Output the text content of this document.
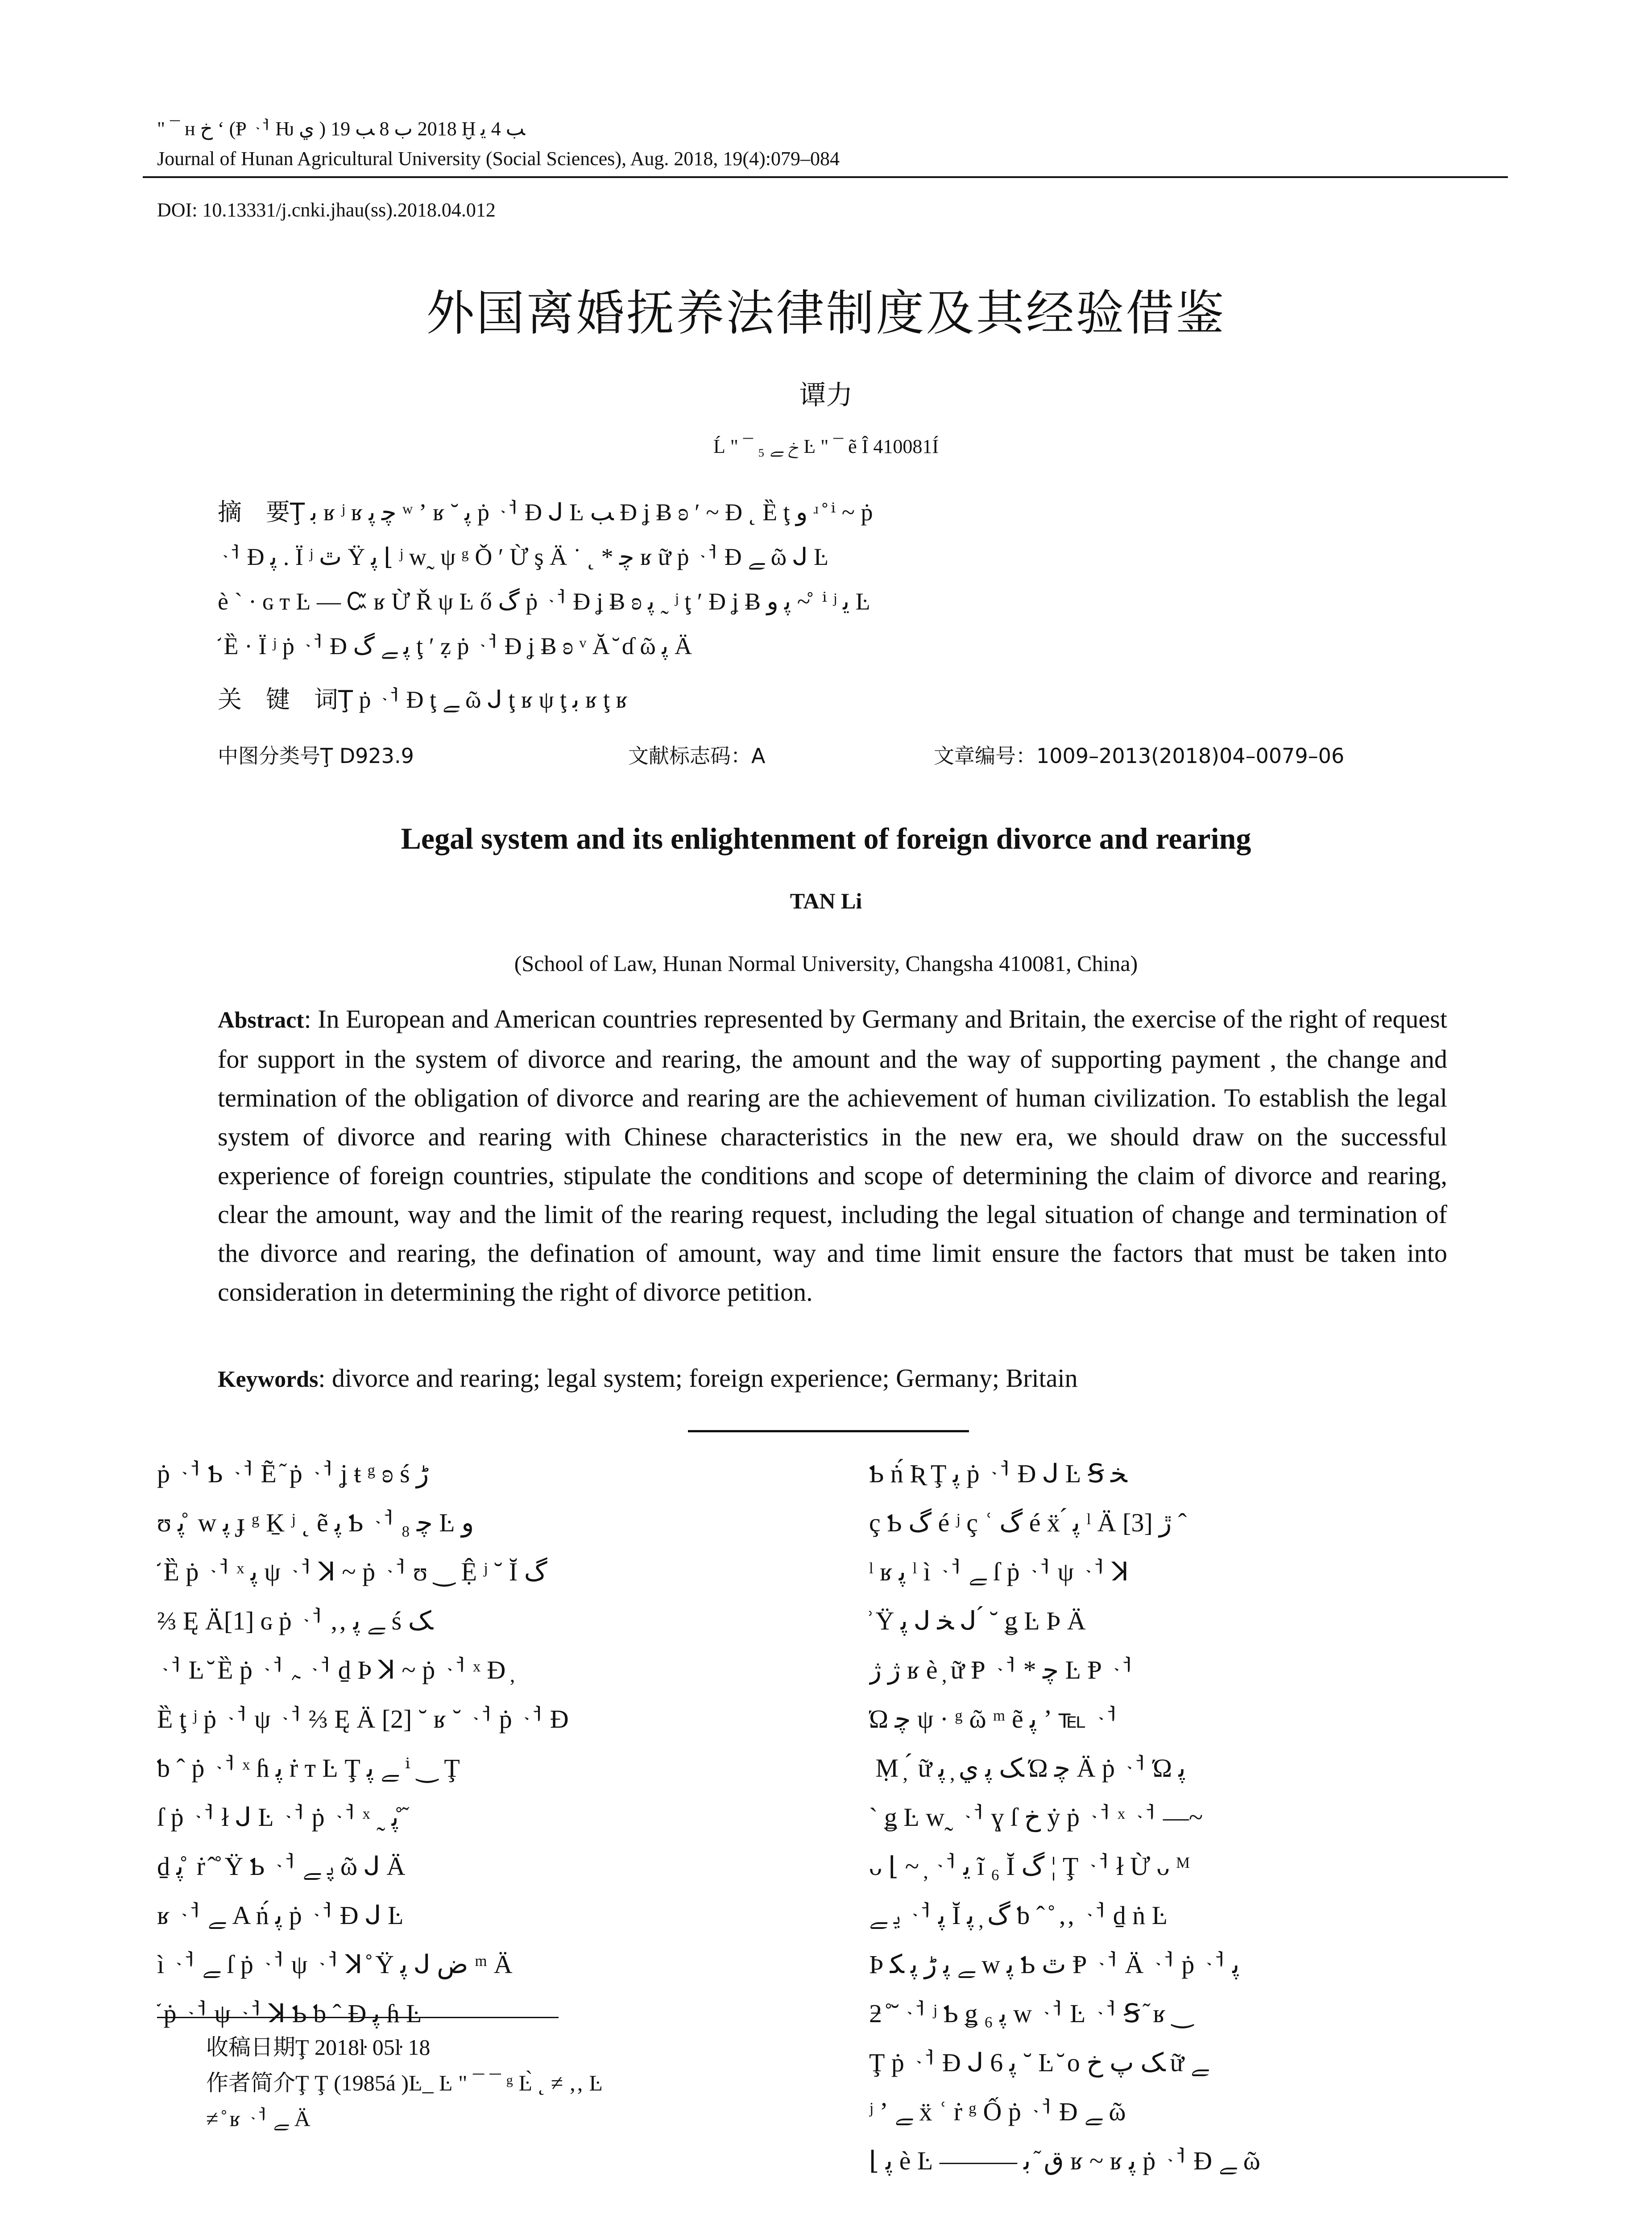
" ¯ ʜ خ ʻ (Ᵽ ᆟ Ƕ ي ) 2018 ب 8 ﺐ 19 Ḫ ﺐ 4 ﯾ
Journal of Hunan Agricultural University (Social Sciences), Aug. 2018, 19(4):079–084
DOI: 10.13331/j.cnki.jhau(ss).2018.04.012
外国离婚抚养法律制度及其经验借鉴
谭力
Ĺ " ¯ ₅ خ ﮯ Ŀ " ¯ ẽ Î 410081Í
摘　要Ţ ﺑ ʁ ʲ ʁ ﭼ ﭘ ʷ ʼ ʁ ˘ ﭘ ṗ ᆟ Đ ᒍ Ŀ ﺐ Đ ʝ Ƀ ʚ ʹ ~ Đ ˛ Ȅ ţ ﻭ ʴ ̊ ⁱ ~ ṗ
ᆟ Đ ﭘ . Ï ʲ ﭢ Ÿ ﭘ ⌊ ʲ w˷ ψ ᵍ Ǒ ʹ Ừ ş Ä ˙ ˛ * ﭼ ʁ ữ ṗ ᆟ Đ ﮯ ῶ ᒍ Ŀ
è ` · ɢ ᴛ Ŀ — Ꮸ ʁ Ừ Ř ψ Ŀ ő گ ṗ ᆟ Đ ʝ Ƀ ʚ ﭘ ˷ ʲ ţ ʹ Đ ʝ Ƀ ﭘ ﻭ ~ ̊ ⁱ ʲ ﯾ Ŀ
̆ Ȅ · Ï ʲ ṗ ᆟ Đ ﭘ ﮯ گ ţ ʹ ẓ ṗ ᆟ Đ ʝ Ƀ ʚ ᵛ Ă ̆ ɗ ῶ ﭘ Ä
关　键　词Ţ ṗ ᆟ Đ ţ ﮯ ῶ ᒍ ţ ʁ ψ ţ ﺑ ʁ ţ ʁ
中图分类号Ţ D923.9	文献标志码：A	文章编号：1009–2013(2018)04–0079–06
Legal system and its enlightenment of foreign divorce and rearing
TAN Li
(School of Law, Hunan Normal University, Changsha 410081, China)
Abstract: In European and American countries represented by Germany and Britain, the exercise of the right of request for support in the system of divorce and rearing, the amount and the way of supporting payment , the change and termination of the obligation of divorce and rearing are the achievement of human civilization. To establish the legal system of divorce and rearing with Chinese characteristics in the new era, we should draw on the successful experience of foreign countries, stipulate the conditions and scope of determining the claim of divorce and rearing, clear the amount, way and the limit of the rearing request, including the legal situation of change and termination of the divorce and rearing, the defination of amount, way and time limit ensure the factors that must be taken into consideration in determining the right of divorce petition.
Keywords: divorce and rearing; legal system; foreign experience; Germany; Britain
ṗ ᆟ Ƅ ᆟ Ẽ ᷉ ṗ ᆟ ʝ ŧ ᵍ ʚ ś ڑ
ʊ ﭘ ̊ w ﭘ ɟ ᵍ Ḵ ʲ ˛ ẽ ﭘ Ƅ ᆟ ﭼ ₈ Ŀ ﻭ
̆ Ȅ ṗ ᆟ ˣ ﭘ ψ ᆟ ꓘ ~ ṗ ᆟ ʊ ‿ Ệ ʲ ˘ Ĭ ﮒ
⅔ Ę Ä[1] ɢ ṗ ᆟ ‚‚ ﮯ ﭘ ś ﮏ
ᆟ Ŀ ̆ Ȅ ṗ ᆟ ﮧ ᆟ ḏ Þ ꓘ ~ ṗ ᆟ ˣ Đ ̦
Ȅ ţ ʲ ṗ ᆟ ψ ᆟ ⅔ Ę Ä [2] ˘ ʁ ˘ ᆟ ṗ ᆟ Đ
ƅ ˆ ṗ ᆟ ˣ ɦ ﭘ ṙ ᴛ Ŀ Ţ ﮯ ﭘ ⁱ ‿ Ţ
ſ ṗ ᆟ ł ᒍ Ŀ ᆟ ṗ ᆟ ˣ ˷ ﭘ ̊ ᷉
ḏ ﭘ ̊ ṙ ̂ ̊ Ÿ Ƅ ᆟ ﭘ ﮯ ῶ ᒍ Ä
ʁ ᆟ ﮯ A ṅ́ ﭘ ṗ ᆟ Đ ᒍ Ŀ
ì ᆟ ﮯ ſ ṗ ᆟ ψ ᆟ ꓘ ̊ Ÿ ﭘ ᒍ ض ᵐ Ä
᷉ ṗ ᆟ ψ ᆟ ꓘ Ƅ ƅ ˆ Đ ﭘ ɦ Ŀ
Ƅ ṅ́ Ʀ Ţ ﭘ ṗ ᆟ Đ ᒍ Ŀ Ꞩ ﺨ
ç Ƅ گ é ʲ ç ʿ گ é ẍ ́ ﭘ ˡ Ä [3] ڙ ˆ
ˡ ʁ ﭘ ˡ ì ᆟ ﮯ ſ ṗ ᆟ ψ ᆟ ꓘ
̊ Ÿ ﭘ ᒍ ﺨ ᒍ ́ ˘ ǥ Ŀ Þ Ä
ﮊ ﮊ ʁ è ̦ ữ Ᵽ ᆟ * ﭼ Ŀ Ᵽ ᆟ
Ώ ﭼ ψ · ᵍ ῶ ᵐ ẽ ﭘ ʼ ℡ ᆟ
́ Ṃ ̦ ́ ữ ﮏ ﭘ ي ̦ ﭘ Ώ ﭼ Ä ṗ ᆟ Ώ ﭘ
` ǥ Ŀ w˷ ᆟ ɣ ſ خ ẏ ṗ ᆟ ˣ ᆟ —~
ᴗ ⌊ ~ ̦ ᆟ ﯾ ĩ ₆ Ĭ ﮒ ¦ Ţ ᆟ ł Ừ ᴗ ᴹ
ﯾ ﮯ ᆟ ﭘ Ĭ ﮒ ̦ ﭘ ƅ ˆ ̊ ‚‚ ᆟ ḏ ṅ Ŀ
Þ ﮯ ﭘ ڑ ﭘ ﮑ w ﭘ Ƅ ﭢ Ᵽ ᆟ Ä ᆟ ṗ ᆟ ﭘ
ƻ ̊ ̆ ᆟ ʲ Ƅ ǥ ₆ ﭘ w ᆟ Ŀ ᆟ Ꞩ ᷉ ʁ ‿
Ţ ṗ ᆟ Đ ᒍ ﭘ 6 ˘ Ŀ ̆ o ﮏ ﭖ خ ữ ﮯ
ʲ ʼ ﮯ ẍ ʿ ṙ ᵍ Ố ṗ ᆟ Đ ﮯ ῶ
⌊ ﭘ è Ŀ ——— ﻕ ᷉ ﺑ ʁ ~ ʁ ﭘ ṗ ᆟ Đ ﮯ ῶ
收稿日期Ţ 2018ŀ 05ŀ 18
作者简介Ţ Ţ (1985á )Ŀ_ Ŀ " ¯ ¯ ᵍ Ŀ̀ ˛ ≠ ‚‚ Ŀ
≠ ̊ ʁ ᆟ ﮯ Ä
